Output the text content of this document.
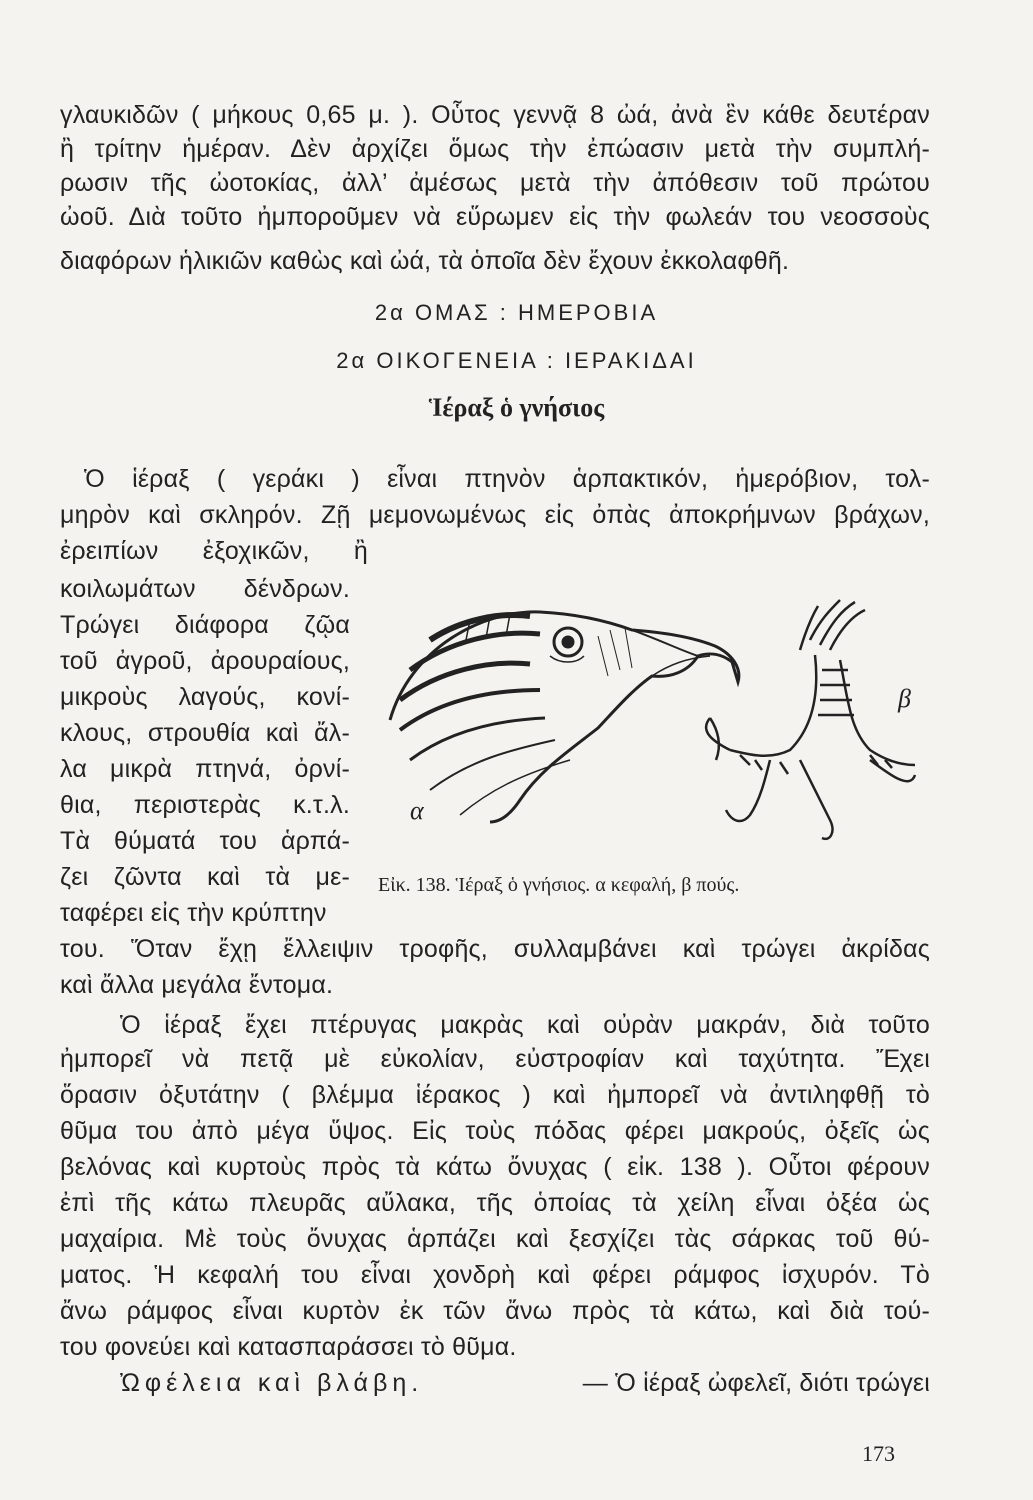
γλαυκιδῶν ( μήκους 0,65 μ. ). Οὗτος γεννᾷ 8 ὠά, ἀνὰ ἓν κάθε δευτέραν
ἢ τρίτην ἡμέραν. Δὲν ἀρχίζει ὅμως τὴν ἐπώασιν μετὰ τὴν συμπλή-
ρωσιν τῆς ὠοτοκίας, ἀλλ’ ἀμέσως μετὰ τὴν ἀπόθεσιν τοῦ πρώτου
ὠοῦ. Διὰ τοῦτο ἠμποροῦμεν νὰ εὕρωμεν εἰς τὴν φωλεάν του νεοσσοὺς
διαφόρων ἡλικιῶν καθὼς καὶ ὠά, τὰ ὁποῖα δὲν ἔχουν ἐκκολαφθῆ.
2α ΟΜΑΣ : ΗΜΕΡΟΒΙΑ
2α ΟΙΚΟΓΕΝΕΙΑ : ΙΕΡΑΚΙΔΑΙ
Ἱέραξ ὁ γνήσιος
Ὁ ἱέραξ ( γεράκι ) εἶναι πτηνὸν ἁρπακτικόν, ἡμερόβιον, τολ-
μηρὸν καὶ σκληρόν. Ζῇ μεμονωμένως εἰς ὀπὰς ἀποκρήμνων βράχων,
ἐρειπίων ἐξοχικῶν, ἢ
κοιλωμάτων δένδρων.
Τρώγει διάφορα ζῷα
τοῦ ἀγροῦ, ἀρουραίους,
μικροὺς λαγούς, κονί-
κλους, στρουθία καὶ ἄλ-
λα μικρὰ πτηνά, ὀρνί-
θια, περιστερὰς κ.τ.λ.
Τὰ θύματά του ἁρπά-
ζει ζῶντα καὶ τὰ με-
ταφέρει εἰς τὴν κρύπτην
του. Ὅταν ἔχῃ ἔλλειψιν τροφῆς, συλλαμβάνει καὶ τρώγει ἀκρίδας
καὶ ἄλλα μεγάλα ἔντομα.
α
β
Εἰκ. 138. Ἱέραξ ὁ γνήσιος. α κεφαλή, β πούς.
Ὁ ἱέραξ ἔχει πτέρυγας μακρὰς καὶ οὐρὰν μακράν, διὰ τοῦτο
ἠμπορεῖ νὰ πετᾷ μὲ εὐκολίαν, εὐστροφίαν καὶ ταχύτητα. Ἔχει
ὅρασιν ὀξυτάτην ( βλέμμα ἱέρακος ) καὶ ἠμπορεῖ νὰ ἀντιληφθῇ τὸ
θῦμα του ἀπὸ μέγα ὕψος. Εἰς τοὺς πόδας φέρει μακρούς, ὀξεῖς ὡς
βελόνας καὶ κυρτοὺς πρὸς τὰ κάτω ὄνυχας ( εἰκ. 138 ). Οὗτοι φέρουν
ἐπὶ τῆς κάτω πλευρᾶς αὔλακα, τῆς ὁποίας τὰ χείλη εἶναι ὀξέα ὡς
μαχαίρια. Μὲ τοὺς ὄνυχας ἁρπάζει καὶ ξεσχίζει τὰς σάρκας τοῦ θύ-
ματος. Ἡ κεφαλή του εἶναι χονδρὴ καὶ φέρει ράμφος ἰσχυρόν. Τὸ
ἄνω ράμφος εἶναι κυρτὸν ἐκ τῶν ἄνω πρὸς τὰ κάτω, καὶ διὰ τού-
του φονεύει καὶ κατασπαράσσει τὸ θῦμα.
Ὠφέλεια καὶ βλάβη.	— Ὁ ἱέραξ ὠφελεῖ, διότι τρώγει
173
